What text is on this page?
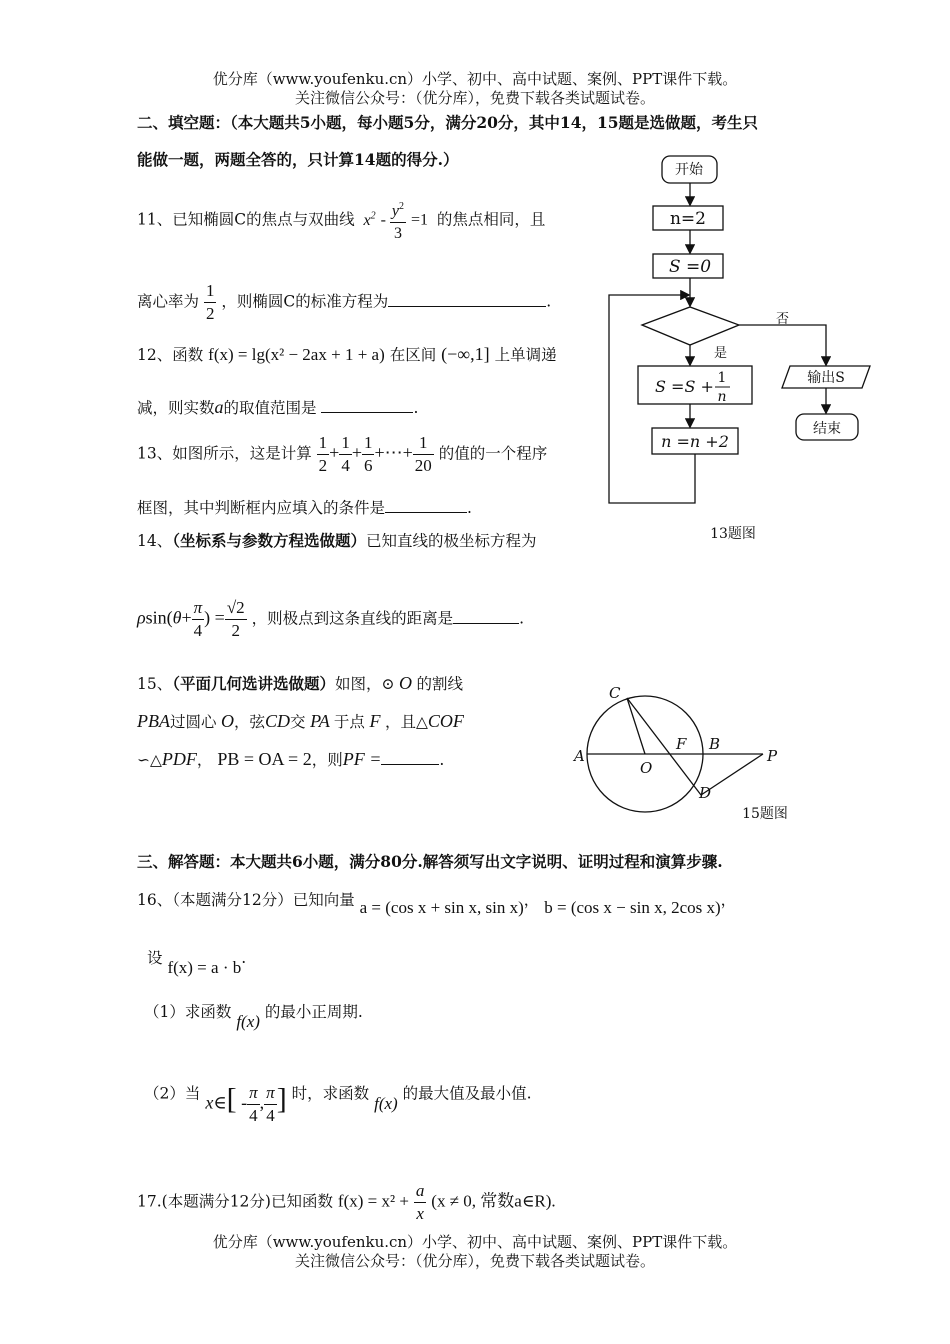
优分库（www.youfenku.cn）小学、初中、高中试题、案例、PPT课件下载。
关注微信公众号：（优分库），免费下载各类试题试卷。
二、填空题：（本大题共5小题，每小题5分，满分20分，其中14，15题是选做题，考生只
能做一题，两题全答的，只计算14题的得分.）
11、已知椭圆C的焦点与双曲线 $x^2 - \frac{y^2}{3} =1$ 的焦点相同，且
离心率为 $\frac{1}{2}$ ，则椭圆C的标准方程为	.
12、函数 f(x) = lg(x² − 2ax + 1 + a) 在区间 (−∞,1] 上单调递
减，则实数a的取值范围是	.
13、如图所示，这是计算 $\frac{1}{2} + \frac{1}{4} + \frac{1}{6}$ +⋯+ $\frac{1}{20}$ 的值的一个程序
框图，其中判断框内应填入的条件是	.
14、（坐标系与参数方程选做题）已知直线的极坐标方程为
$\rho\sin(\theta+ \frac{\pi}{4}$ ) = $\frac{√2}{2}$ ，则极点到这条直线的距离是	.
15、（平面几何选讲选做题）如图，⊙ O 的割线
PBA过圆心 O，弦CD交 PA 于点 F ，且△COF
∽△PDF， PB = OA = 2，则PF =	.
开始
n=2
S =0
否
是
S =S + 1
n
n =n +2
输出S
结束
13题图
C
A
O
F B
P
D
15题图
三、解答题：本大题共6小题，满分80分.解答须写出文字说明、证明过程和演算步骤.
16、（本题满分12分）已知向量 a = (cos x + sin x, sin x)， b = (cos x − sin x, 2cos x)，
设 f(x) = a · b.
（1）求函数 f(x) 的最小正周期.
（2）当 x∈[ - $\frac{\pi}{4}$ , $\frac{\pi}{4}$ ] 时，求函数 f(x) 的最大值及最小值.
17.(本题满分12分)已知函数 $f(x) = x^2 + \frac{a}{x} (x \ne 0$, 常数a∈R).
优分库（www.youfenku.cn）小学、初中、高中试题、案例、PPT课件下载。
关注微信公众号：（优分库），免费下载各类试题试卷。
